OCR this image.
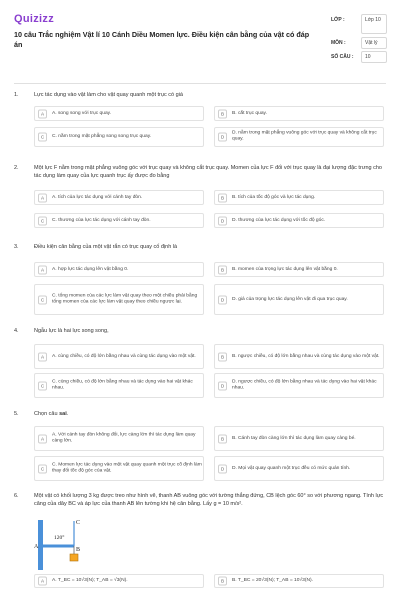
Quizizz
10 câu Trắc nghiệm Vật lí 10 Cánh Diều Momen lực. Điều kiện cân bằng của vật có đáp án
LỚP :	Lớp 10
MÔN :	Vật lý
SỐ CÂU :	10
1.	Lực tác dụng vào vật làm cho vật quay quanh một trục có giá
A	A. song song với trục quay.	B	B. cắt trục quay.
C	C. nằm trong mặt phẳng song song trục quay.	D
D. nằm trong mặt phẳng vuông góc với trục quay và không cắt trục quay.
2.	Một lực F nằm trong mặt phẳng vuông góc với trục quay và không cắt trục quay. Momen của lực F đối với trục quay là đại lượng đặc trưng cho tác dụng làm quay của lực quanh trục ấy được đo bằng
A	A. tích của lực tác dụng với cánh tay đòn.	B	B. tích của tốc độ góc và lực tác dụng.
C	C. thương của lực tác dụng với cánh tay đòn.	D	D. thương của lực tác dụng với tốc độ góc.
3.	Điều kiện cân bằng của một vật rắn có trục quay cố định là
A	A. hợp lực tác dụng lên vật bằng 0.	B	B. momen của trọng lực tác dụng lên vật bằng 0.
C
C. tổng momen của các lực làm vật quay theo một chiều phải bằng tổng momen của các lực làm vật quay theo chiều ngược lại.	D	D. giá của trọng lực tác dụng lên vật đi qua trục quay.
4.	Ngẫu lực là hai lực song song,
A	A. cùng chiều, có độ lớn bằng nhau và cùng tác dụng vào một vật.	B	B. ngược chiều, có độ lớn bằng nhau và cùng tác dụng vào một vật.
C
C. cùng chiều, có độ lớn bằng nhau và tác dụng vào hai vật khác nhau.	D
D. ngược chiều, có độ lớn bằng nhau và tác dụng vào hai vật khác nhau.
5.	Chọn câu sai.
A
A. Với cánh tay đòn không đổi, lực càng lớn thì tác dụng làm quay càng lớn.	B	B. Cánh tay đòn càng lớn thì tác dụng làm quay càng bé.
C
C. Momen lực tác dụng vào một vật quay quanh một trục cố định làm thay đổi tốc độ góc của vật.	D	D. Mọi vật quay quanh một trục đều có mức quán tính.
6.	Một vật có khối lượng 3 kg được treo như hình vẽ, thanh AB vuông góc với tường thẳng đứng, CB lệch góc 60° so với phương ngang. Tính lực căng của dây BC và áp lực của thanh AB lên tường khi hệ cân bằng. Lấy g = 10 m/s².
C
A	B
120°
A	A. T_BC = 10√3(N); T_AB = √3(N).	B	B. T_BC = 20√3(N); T_AB = 10√3(N).
